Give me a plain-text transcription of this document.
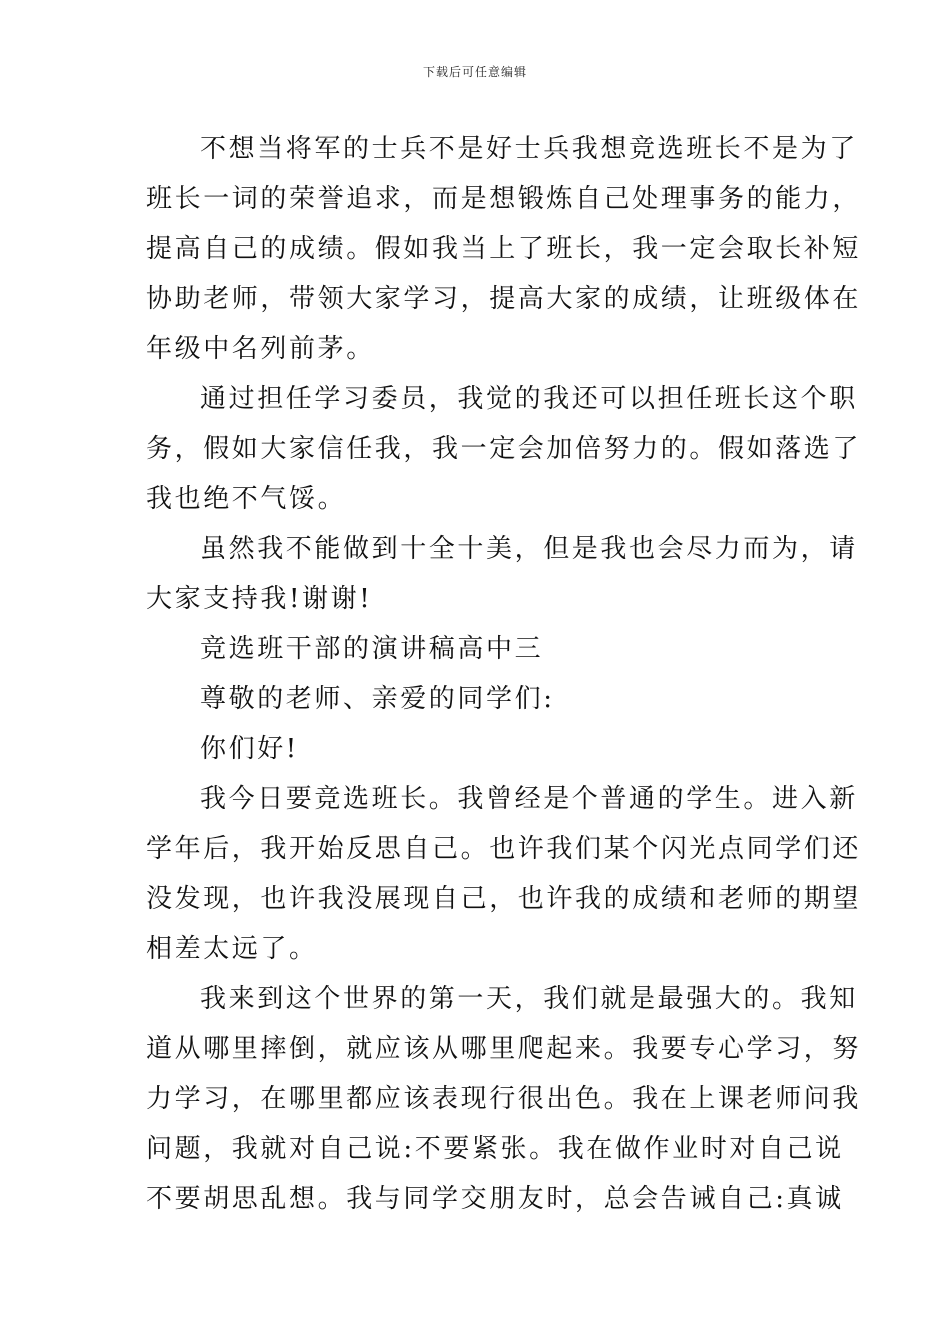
下载后可任意编辑
不想当将军的士兵不是好士兵我想竞选班长不是为了
班长一词的荣誉追求，而是想锻炼自己处理事务的能力，
提高自己的成绩。假如我当上了班长，我一定会取长补短
协助老师，带领大家学习，提高大家的成绩，让班级体在
年级中名列前茅。
通过担任学习委员，我觉的我还可以担任班长这个职
务，假如大家信任我，我一定会加倍努力的。假如落选了
我也绝不气馁。
虽然我不能做到十全十美，但是我也会尽力而为，请
大家支持我!谢谢!
竞选班干部的演讲稿高中三
尊敬的老师、亲爱的同学们:
你们好!
我今日要竞选班长。我曾经是个普通的学生。进入新
学年后，我开始反思自己。也许我们某个闪光点同学们还
没发现，也许我没展现自己，也许我的成绩和老师的期望
相差太远了。
我来到这个世界的第一天，我们就是最强大的。我知
道从哪里摔倒，就应该从哪里爬起来。我要专心学习，努
力学习，在哪里都应该表现行很出色。我在上课老师问我
问题，我就对自己说:不要紧张。我在做作业时对自己说
不要胡思乱想。我与同学交朋友时，总会告诫自己:真诚
